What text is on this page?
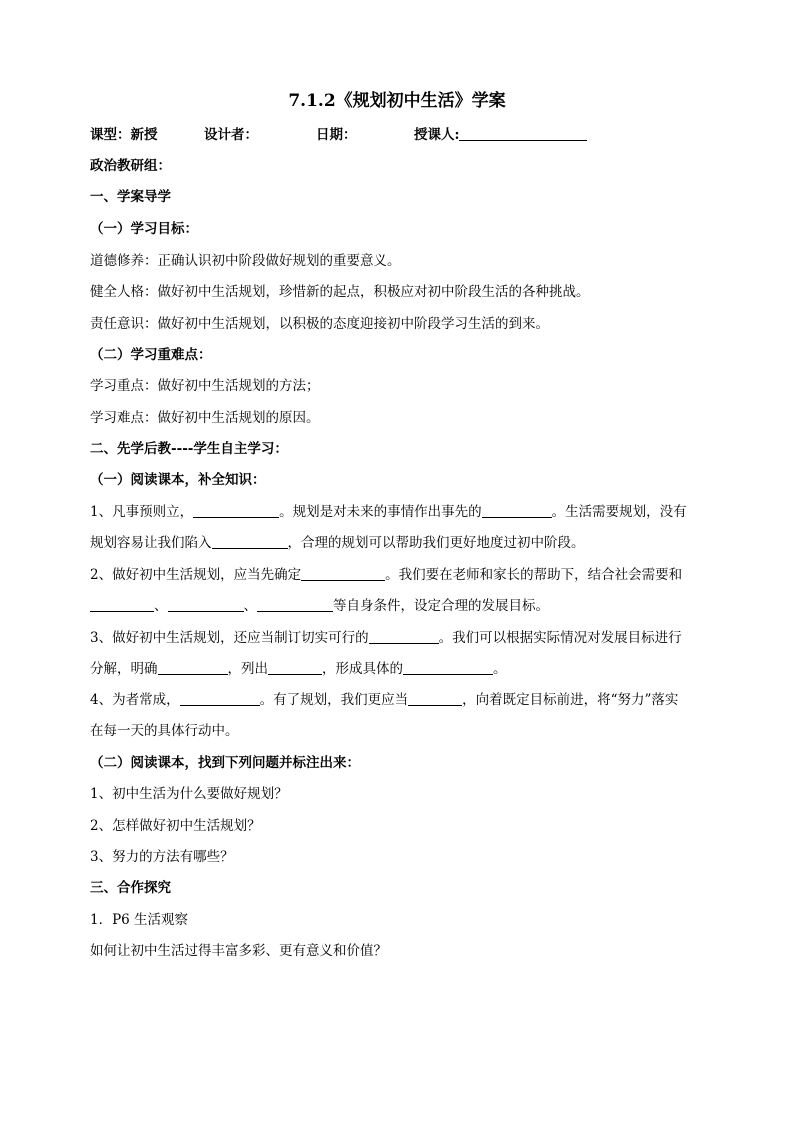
7.1.2《规划初中生活》学案
课型：新授	设计者：	日期：	授课人:
政治教研组：
一、学案导学
（一）学习目标：
道德修养：正确认识初中阶段做好规划的重要意义。
健全人格：做好初中生活规划，珍惜新的起点，积极应对初中阶段生活的各种挑战。
责任意识：做好初中生活规划，以积极的态度迎接初中阶段学习生活的到来。
（二）学习重难点：
学习重点：做好初中生活规划的方法；
学习难点：做好初中生活规划的原因。
二、先学后教----学生自主学习：
（一）阅读课本，补全知识：
1、凡事预则立，	。规划是对未来的事情作出事先的	。生活需要规划，没有
规划容易让我们陷入	，合理的规划可以帮助我们更好地度过初中阶段。
2、做好初中生活规划，应当先确定	。我们要在老师和家长的帮助下，结合社会需要和
、	、	等自身条件，设定合理的发展目标。
3、做好初中生活规划，还应当制订切实可行的	。我们可以根据实际情况对发展目标进行
分解，明确	，列出	，形成具体的	。
4、为者常成，	。有了规划，我们更应当	，向着既定目标前进，将“努力”落实
在每一天的具体行动中。
（二）阅读课本，找到下列问题并标注出来：
1、初中生活为什么要做好规划？
2、怎样做好初中生活规划？
3、努力的方法有哪些？
三、合作探究
1．P6 生活观察
如何让初中生活过得丰富多彩、更有意义和价值？
